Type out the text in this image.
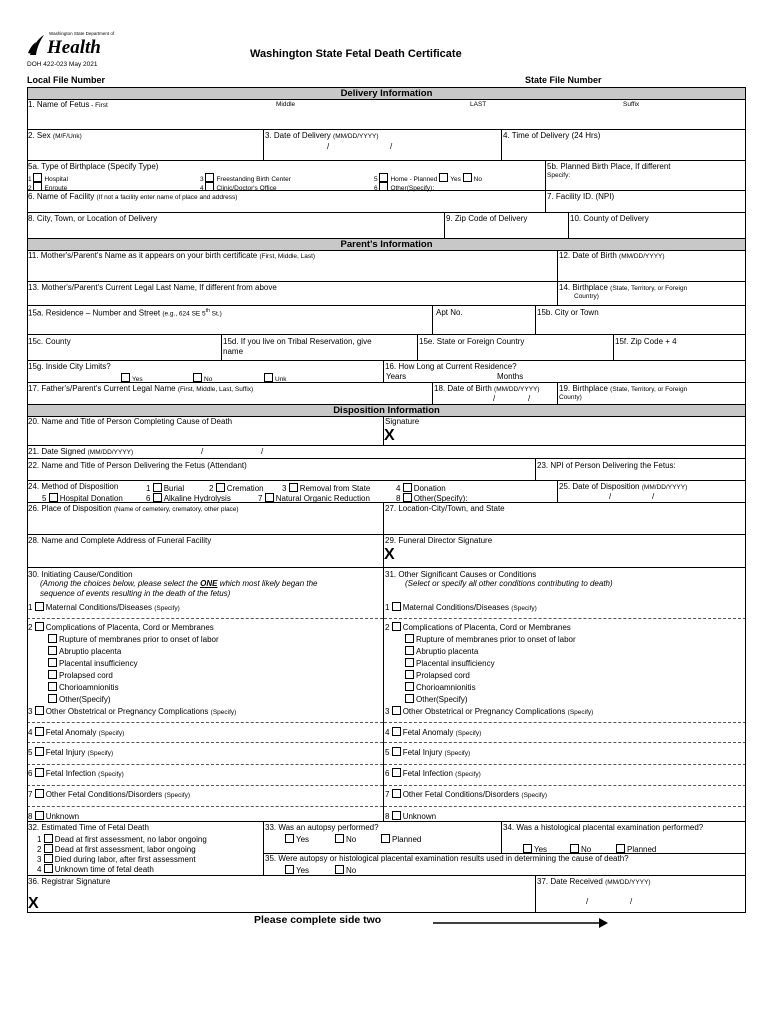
Washington State Department of
Health
DOH 422-023 May 2021
Washington State Fetal Death Certificate
Local File Number	State File Number
Delivery Information
1. Name of Fetus - First	Middle	LAST	Suffix
2. Sex (M/F/Unk)	3. Date of Delivery (MM/DD/YYYY)
/	/
4. Time of Delivery (24 Hrs)
5a. Type of Birthplace (Specify Type)
1 Hospital
2 Enroute
3 Freestanding Birth Center
4 Clinic/Doctor's Office
5 Home - Planned Yes No
6 Other(Specify):
5b. Planned Birth Place, If different
Specify:
6. Name of Facility (If not a facility enter name of place and address)	7. Facility ID. (NPI)
8. City, Town, or Location of Delivery	9. Zip Code of Delivery	10. County of Delivery
Parent's Information
11. Mother's/Parent's Name as it appears on your birth certificate (First, Middle, Last)	12. Date of Birth (MM/DD/YYYY)
13. Mother's/Parent's Current Legal Last Name, If different from above	14. Birthplace (State, Territory, or Foreign
Country)
15a. Residence – Number and Street (e.g., 624 SE 5th St.)	Apt No.	15b. City or Town
15c. County	15d. If you live on Tribal Reservation, give
name
15e. State or Foreign Country	15f. Zip Code + 4
15g. Inside City Limits?
Yes	No	Unk
16. How Long at Current Residence?
Years	Months
17. Father's/Parent's Current Legal Name (First, Middle, Last, Suffix)	18. Date of Birth (MM/DD/YYYY)
/	/
19. Birthplace (State, Territory, or Foreign
County)
Disposition Information
20. Name and Title of Person Completing Cause of Death	Signature
X
21. Date Signed (MM/DD/YYYY)	/	/
22. Name and Title of Person Delivering the Fetus (Attendant)	23. NPI of Person Delivering the Fetus:
24. Method of Disposition	1 Burial	2 Cremation 3 Removal from State	4 Donation
5 Hospital Donation	6 Alkaline Hydrolysis	7 Natural Organic Reduction	8 Other(Specify):
25. Date of Disposition (MM/DD/YYYY)
/	/
26. Place of Disposition (Name of cemetery, crematory, other place)	27. Location-City/Town, and State
28. Name and Complete Address of Funeral Facility	29. Funeral Director Signature
X
30. Initiating Cause/Condition
(Among the choices below, please select the ONE which most likely began the
sequence of events resulting in the death of the fetus)
31. Other Significant Causes or Conditions
(Select or specify all other conditions contributing to death)
1 Maternal Conditions/Diseases (Specify)
2 Complications of Placenta, Cord or Membranes
Rupture of membranes prior to onset of labor
Abruptio placenta
Placental insufficiency
Prolapsed cord
Chorioamnionitis
Other(Specify)
3 Other Obstetrical or Pregnancy Complications (Specify)
4 Fetal Anomaly (Specify)
5 Fetal Injury (Specify)
6 Fetal Infection (Specify)
7 Other Fetal Conditions/Disorders (Specify)
8 Unknown
1 Maternal Conditions/Diseases (Specify)
2 Complications of Placenta, Cord or Membranes
Rupture of membranes prior to onset of labor
Abruptio placenta
Placental insufficiency
Prolapsed cord
Chorioamnionitis
Other(Specify)
3 Other Obstetrical or Pregnancy Complications (Specify)
4 Fetal Anomaly (Specify)
5 Fetal Injury (Specify)
6 Fetal Infection (Specify)
7 Other Fetal Conditions/Disorders (Specify)
8 Unknown
32. Estimated Time of Fetal Death
1 Dead at first assessment, no labor ongoing
2 Dead at first assessment, labor ongoing
3 Died during labor, after first assessment
4 Unknown time of fetal death
33. Was an autopsy performed?
Yes	No	Planned
34. Was a histological placental examination performed?
Yes	No	Planned
35. Were autopsy or histological placental examination results used in determining the cause of death?
Yes	No
36. Registrar Signature
X
37. Date Received (MM/DD/YYYY)
/	/
Please complete side two
